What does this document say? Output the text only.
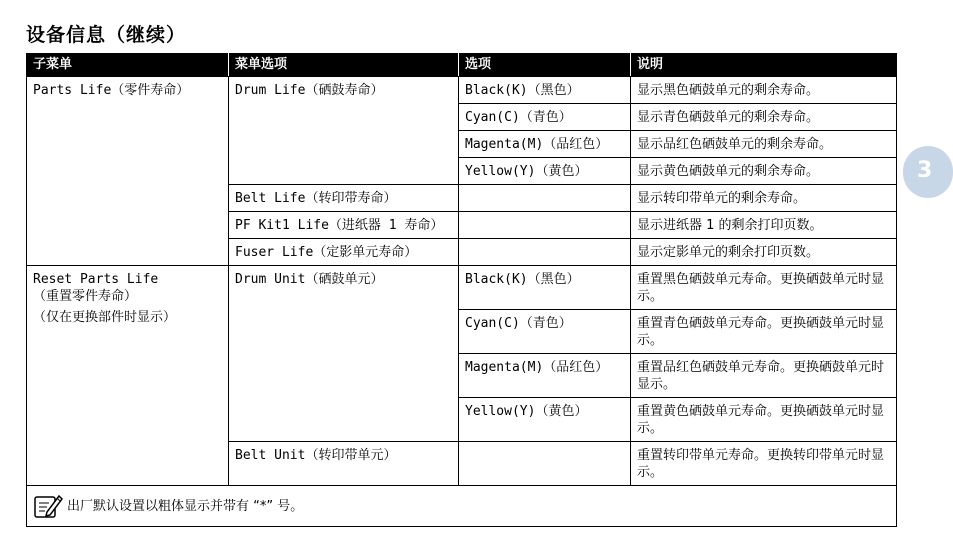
设备信息（继续）
子菜单	菜单选项	选项	说明
Parts Life（零件寿命）	Drum Life（硒鼓寿命）	Black(K)（黑色）	显示黑色硒鼓单元的剩余寿命。
		Cyan(C)（青色）	显示青色硒鼓单元的剩余寿命。
		Magenta(M)（品红色）	显示品红色硒鼓单元的剩余寿命。
		Yellow(Y)（黄色）	显示黄色硒鼓单元的剩余寿命。
	Belt Life（转印带寿命）		显示转印带单元的剩余寿命。
	PF Kit1 Life（进纸器 1 寿命）		显示进纸器 1 的剩余打印页数。
	Fuser Life（定影单元寿命）		显示定影单元的剩余打印页数。

Reset Parts Life
（重置零件寿命）
（仅在更换部件时显示）	Drum Unit（硒鼓单元）	Black(K)（黑色）	重置黑色硒鼓单元寿命。更换硒鼓单元时显示。
		Cyan(C)（青色）	重置青色硒鼓单元寿命。更换硒鼓单元时显示。
		Magenta(M)（品红色）	重置品红色硒鼓单元寿命。更换硒鼓单元时显示。
		Yellow(Y)（黄色）	重置黄色硒鼓单元寿命。更换硒鼓单元时显示。
	Belt Unit（转印带单元）		重置转印带单元寿命。更换转印带单元时显示。

出厂默认设置以粗体显示并带有 “*” 号。			
3
